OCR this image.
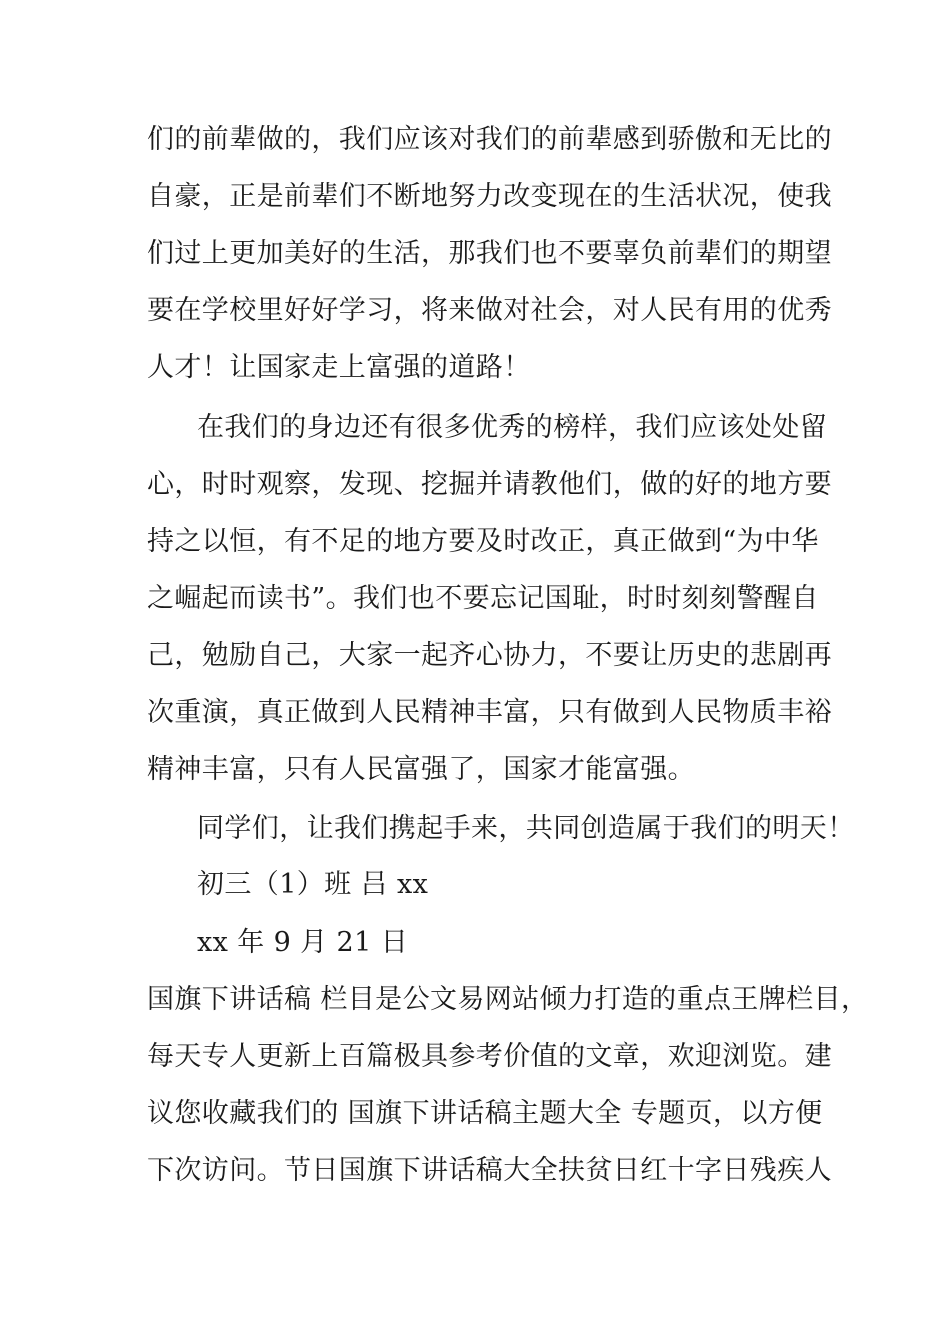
们的前辈做的，我们应该对我们的前辈感到骄傲和无比的
自豪，正是前辈们不断地努力改变现在的生活状况，使我
们过上更加美好的生活，那我们也不要辜负前辈们的期望
要在学校里好好学习，将来做对社会，对人民有用的优秀
人才！让国家走上富强的道路！
在我们的身边还有很多优秀的榜样，我们应该处处留
心，时时观察，发现、挖掘并请教他们，做的好的地方要
持之以恒，有不足的地方要及时改正，真正做到“为中华
之崛起而读书”。我们也不要忘记国耻，时时刻刻警醒自
己，勉励自己，大家一起齐心协力，不要让历史的悲剧再
次重演，真正做到人民精神丰富，只有做到人民物质丰裕
精神丰富，只有人民富强了，国家才能富强。
同学们，让我们携起手来，共同创造属于我们的明天！
初三（1）班 吕 xx
xx 年 9 月 21 日
国旗下讲话稿 栏目是公文易网站倾力打造的重点王牌栏目，
每天专人更新上百篇极具参考价值的文章，欢迎浏览。建
议您收藏我们的 国旗下讲话稿主题大全 专题页，以方便
下次访问。节日国旗下讲话稿大全扶贫日红十字日残疾人
